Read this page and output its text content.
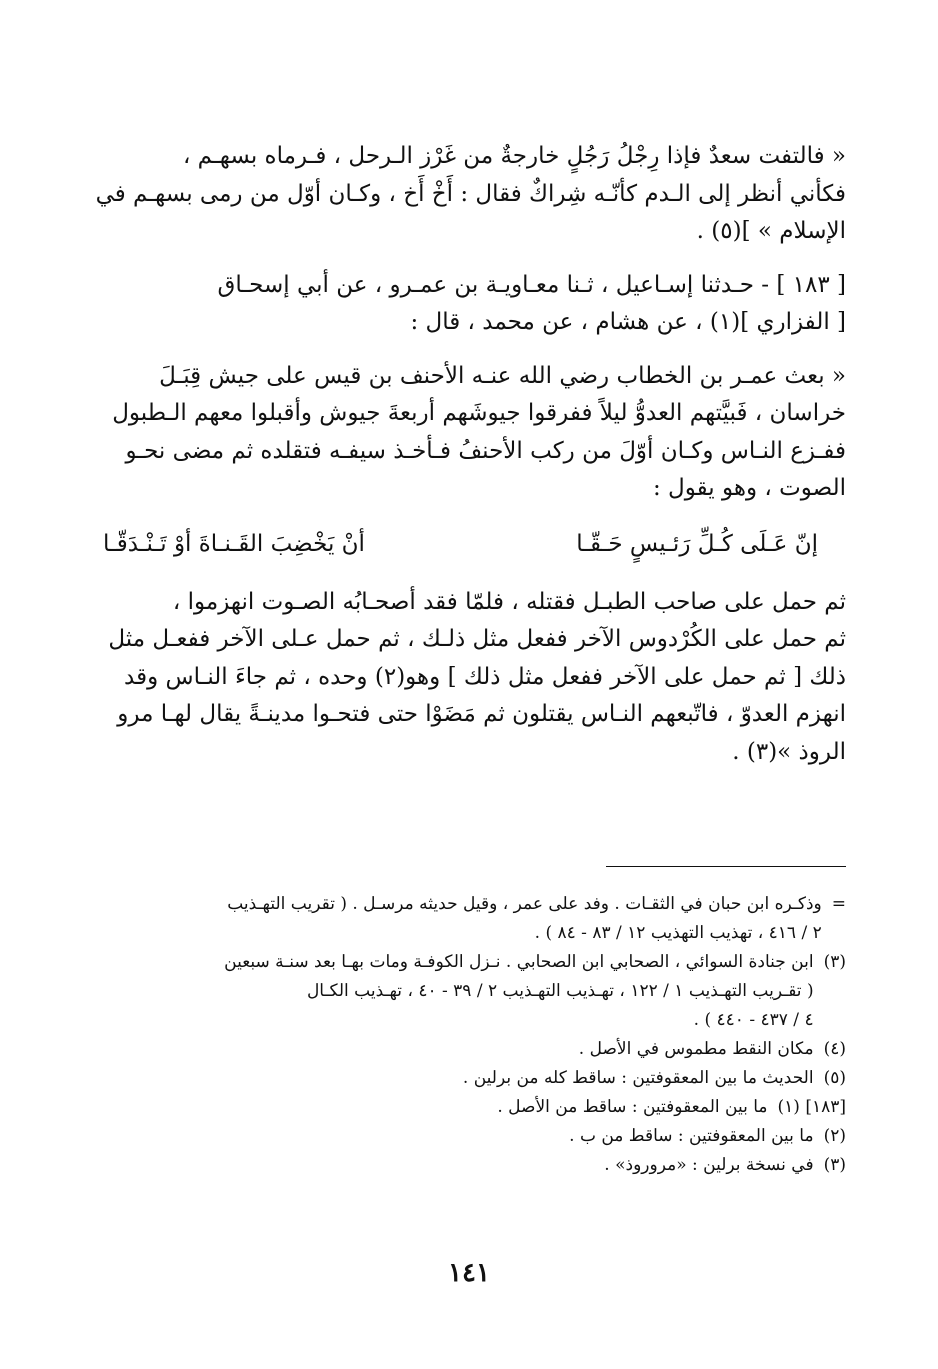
« فالتفت سعدٌ فإذا رِجْلُ رَجُلٍ خارجةٌ من غَرْز الـرحل ، فـرماه بسهـم ،

فكأني أنظر إلى الـدم كأنّـه شِراكٌ فقال : أَخْ أَخ ، وكـان أوّل من رمى بسهـم في

الإسلام » ](٥) .

[ ١٨٣ ] - حـدثنا إسـاعيل ، ثـنا معـاويـة بن عمـرو ، عن أبي إسحـاق

[ الفزاري ](١) ، عن هشام ، عن محمد ، قال :

« بعث عمـر بن الخطاب رضي الله عنـه الأحنف بن قيس على جيش قِبَـلَ

خراسان ، فَبيَّتهم العدوُّ ليلاً ففرقوا جيوشَهم أربعةَ جيوش وأقبلوا معهم الـطبول

ففـزع النـاس وكـان أوّلَ من ركب الأحنفُ فـأخـذ سيفـه فتقلده ثم مضى نحـو

الصوت ، وهو يقول :

إنّ عَـلَى كُـلِّ رَئـيسٍ حَـقّـا
أنْ يَخْضِبَ القَـنـاةَ أوْ تَـنْـدَقّـا

ثم حمل على صاحب الطبـل فقتله ، فلمّا فقد أصحـابُه الصـوت انهزموا ،

ثم حمل على الكُرْدوس الآخر ففعل مثل ذلـك ، ثم حمل عـلى الآخر ففعـل مثل

ذلك [ ثم حمل على الآخر ففعل مثل ذلك ] وهو(٢) وحده ، ثم جاءَ النـاس وقد

انهزم العدوّ ، فاتّبعهم النـاس يقتلون ثم مَضَوْا حتى فتحـوا مدينـةً يقال لهـا مرو

الروذ »(٣) .

=

وذكـره ابن حبان في الثقـات . وفد على عمر ، وقيل حديثه مرسـل . ( تقريب التهـذيب

٢ / ٤١٦ ، تهذيب التهذيب ١٢ / ٨٣ - ٨٤ ) .

(٣)

ابن جنادة السوائي ، الصحابي ابن الصحابي . نـزل الكوفـة ومات بهـا بعد سنـة سبعين

( تقـريب التهـذيب ١ / ١٢٢ ، تهـذيب التهـذيب ٢ / ٣٩ - ٤٠ ، تهـذيب الكـال

٤ / ٤٣٧ - ٤٤٠ ) .

(٤)

مكان النقط مطموس في الأصل .

(٥)

الحديث ما بين المعقوفتين : ساقط كله من برلين .

[١٨٣] (١)

ما بين المعقوفتين : ساقط من الأصل .

(٢)

ما بين المعقوفتين : ساقط من ب .

(٣)

في نسخة برلين : «مروروذ» .

١٤١
